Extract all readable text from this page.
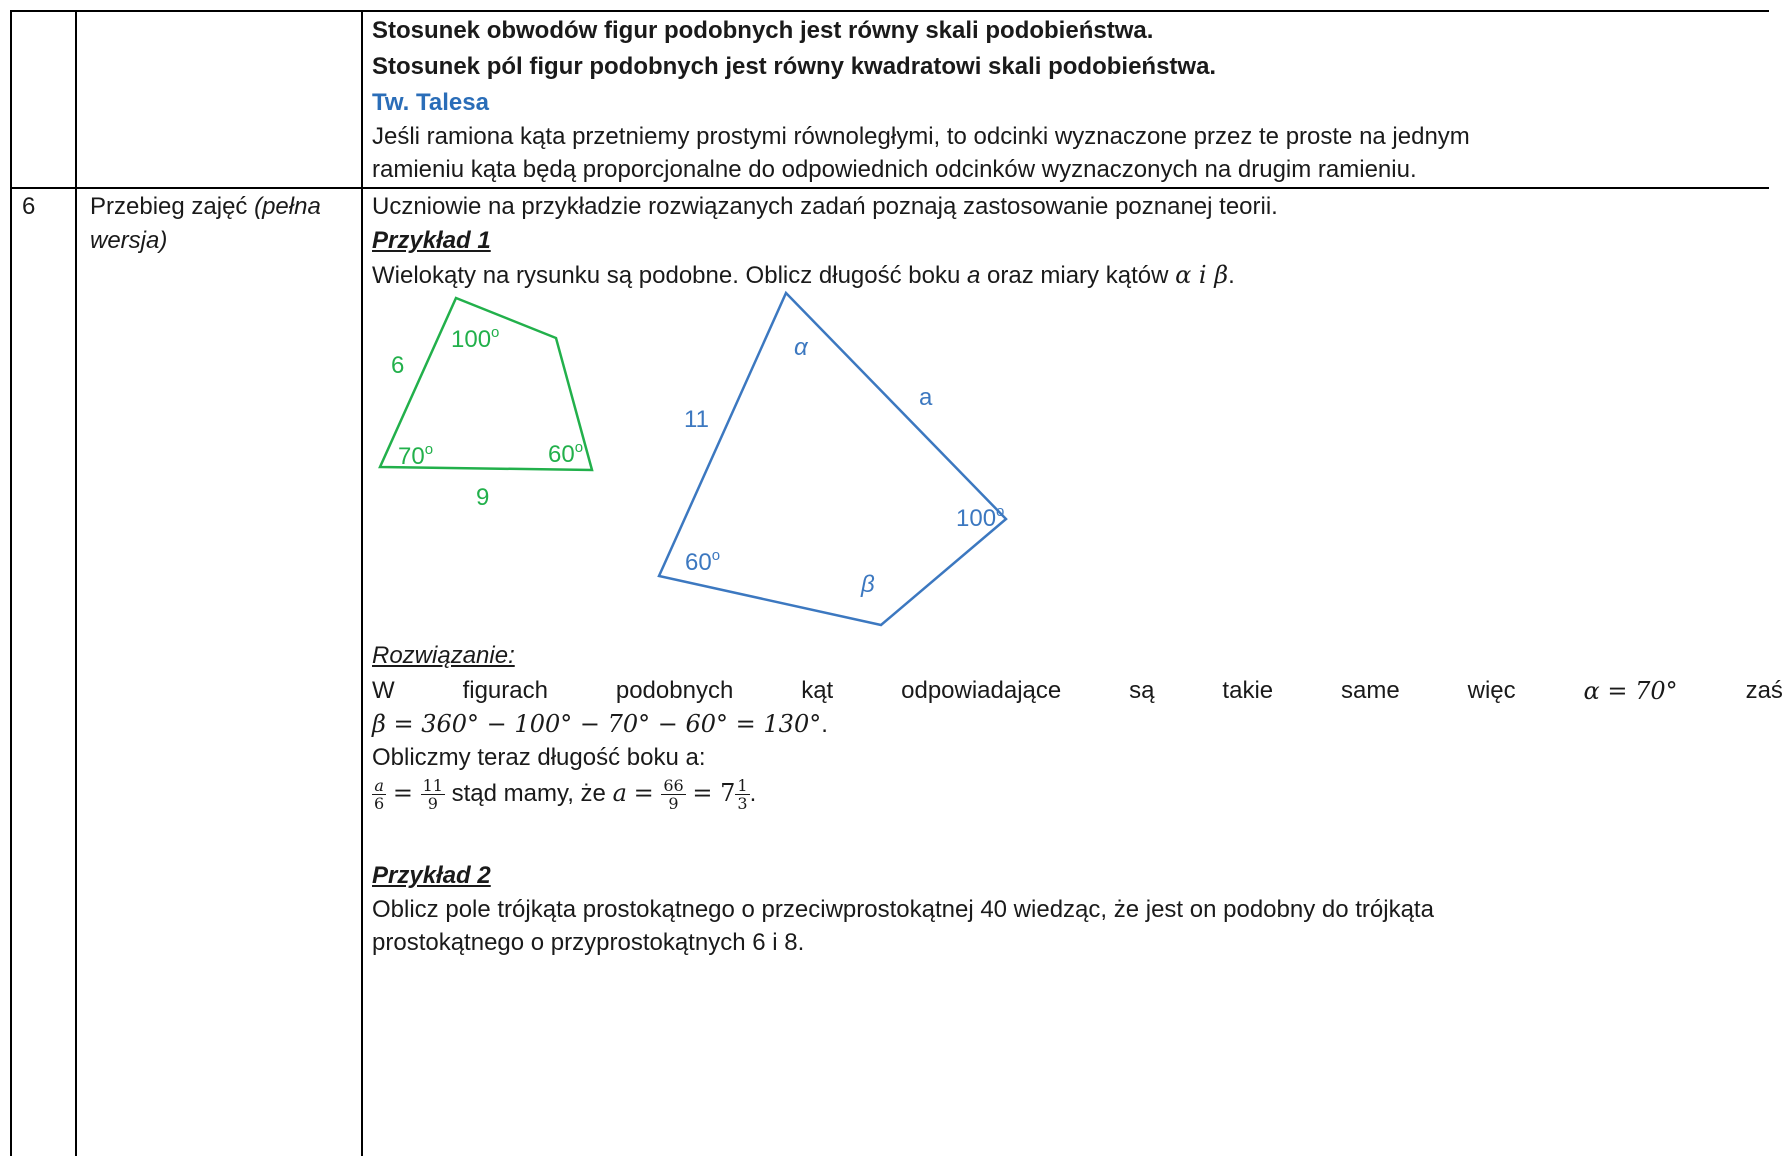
Stosunek obwodów figur podobnych jest równy skali podobieństwa.
Stosunek pól figur podobnych jest równy kwadratowi skali podobieństwa.
Tw. Talesa
Jeśli ramiona kąta przetniemy prostymi równoległymi, to odcinki wyznaczone przez te proste na jednym
ramieniu kąta będą proporcjonalne do odpowiednich odcinków wyznaczonych na drugim ramieniu.
6 Przebieg zajęć (pełna
wersja)
Uczniowie na przykładzie rozwiązanych zadań poznają zastosowanie poznanej teorii.
Przykład 1
Wielokąty na rysunku są podobne. Oblicz długość boku a oraz miary kątów α i β.
6
9
100$^o$
70$^o$	60$^o$
α
a
11
100$^o$
60$^o$
β
Rozwiązanie:
W	figurach	podobnych	kąt	odpowiadające	są	takie	same	więc	α = 70°	zaś
β = 360° − 100° − 70° − 60° = 130°.
Obliczmy teraz długość boku a:
$\frac{a}{6} = \frac{11}{9}$ stąd mamy, że $a = \frac{66}{9} = 7 \frac{1}{3}$ .
Przykład 2
Oblicz pole trójkąta prostokątnego o przeciwprostokątnej 40 wiedząc, że jest on podobny do trójkąta
prostokątnego o przyprostokątnych 6 i 8.
